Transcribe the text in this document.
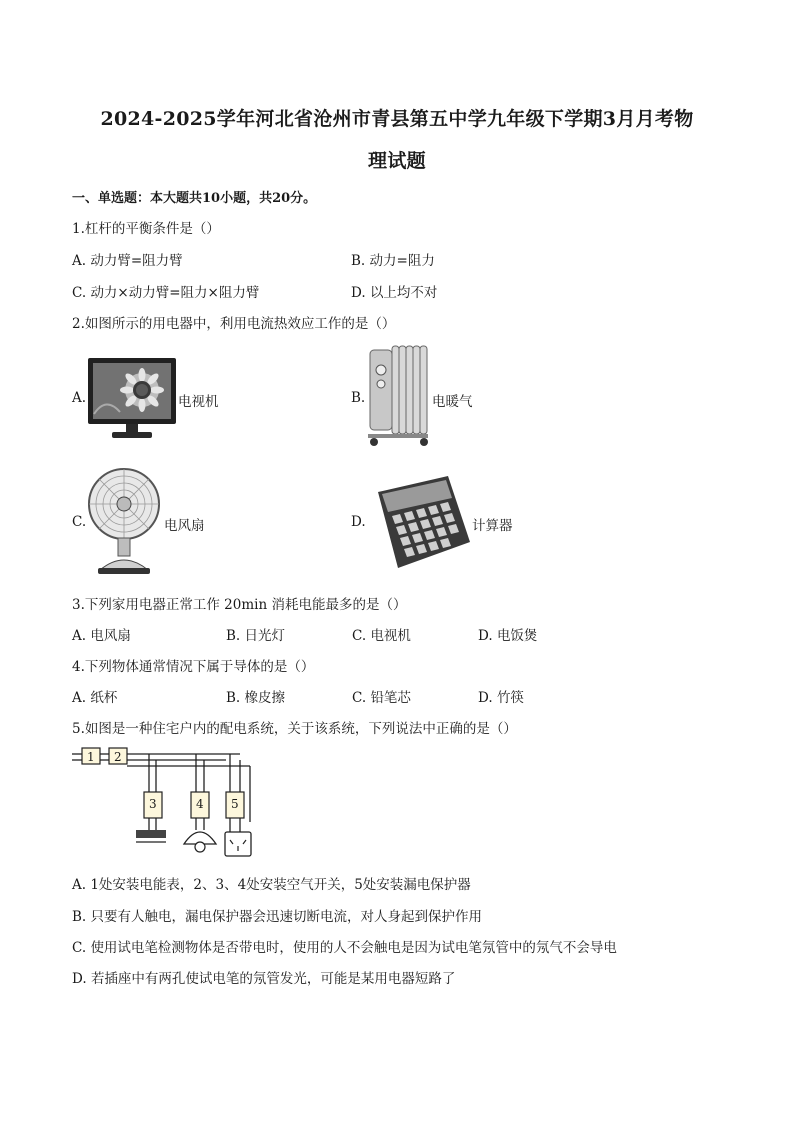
2024-2025学年河北省沧州市青县第五中学九年级下学期3月月考物
理试题
一、单选题：本大题共10小题，共20分。
1.杠杆的平衡条件是（）
A. 动力臂=阻力臂	B. 动力=阻力
C. 动力×动力臂=阻力×阻力臂	D. 以上均不对
2.如图所示的用电器中，利用电流热效应工作的是（）
A.	电视机	B.	电暖气
C.	电风扇	D.	计算器
3.下列家用电器正常工作 20min 消耗电能最多的是（）
A. 电风扇	B. 日光灯	C. 电视机	D. 电饭煲
4.下列物体通常情况下属于导体的是（）
A. 纸杯	B. 橡皮擦	C. 铅笔芯	D. 竹筷
5.如图是一种住宅户内的配电系统，关于该系统，下列说法中正确的是（）
1 2
3	4 5
A. 1处安装电能表，2、3、4处安装空气开关，5处安装漏电保护器
B. 只要有人触电，漏电保护器会迅速切断电流，对人身起到保护作用
C. 使用试电笔检测物体是否带电时，使用的人不会触电是因为试电笔氖管中的氖气不会导电
D. 若插座中有两孔使试电笔的氖管发光，可能是某用电器短路了
